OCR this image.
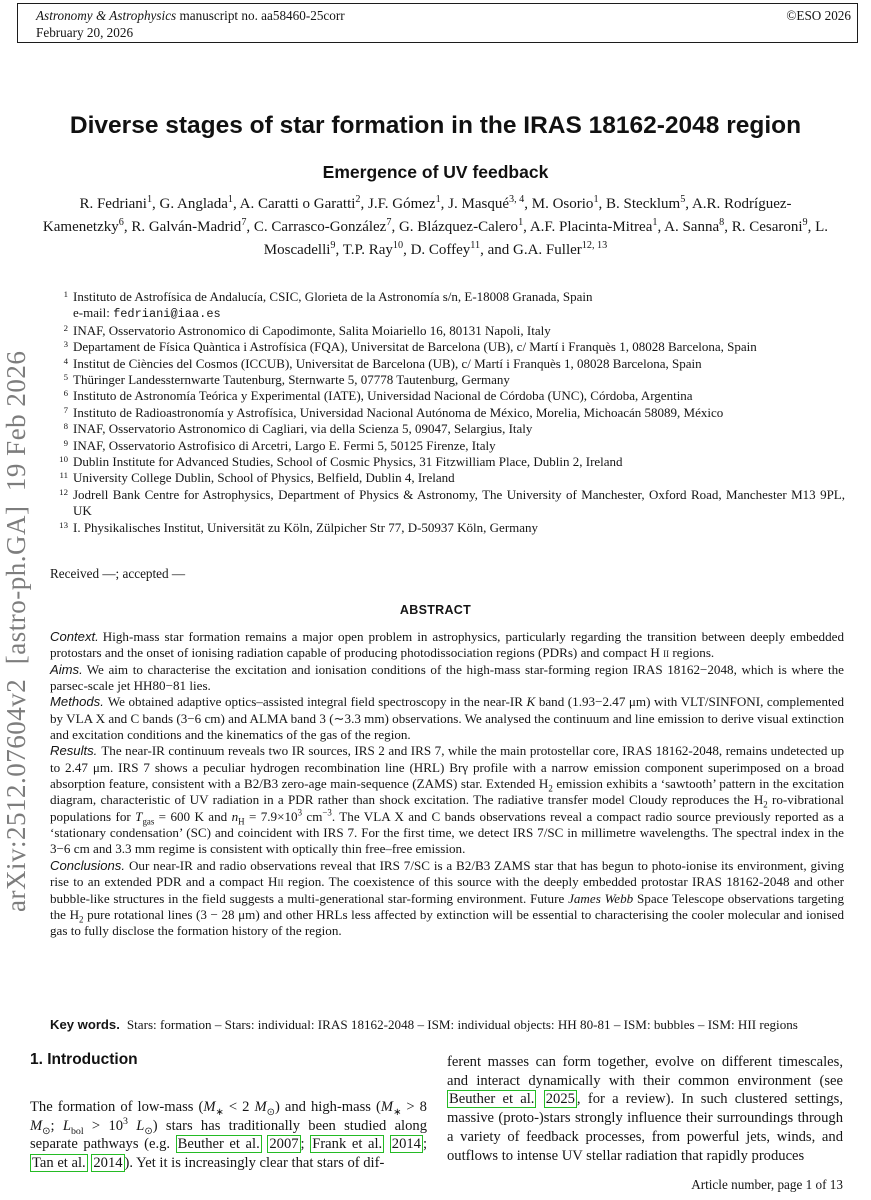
Astronomy & Astrophysics manuscript no. aa58460-25corr
February 20, 2026
©ESO 2026
arXiv:2512.07604v2  [astro-ph.GA]  19 Feb 2026
Diverse stages of star formation in the IRAS 18162-2048 region
Emergence of UV feedback
R. Fedriani$^1$, G. Anglada$^1$, A. Caratti o Garatti$^2$, J.F. Gómez$^1$, J. Masqué$^{3, 4}$, M. Osorio$^1$, B. Stecklum$^5$, A.R. Rodríguez-Kamenetzky$^6$, R. Galván-Madrid$^7$, C. Carrasco-González$^7$, G. Blázquez-Calero$^1$, A.F. Placinta-Mitrea$^1$, A. Sanna$^8$, R. Cesaroni$^9$, L. Moscadelli$^9$, T.P. Ray$^{10}$, D. Coffey$^{11}$, and G.A. Fuller$^{12, 13}$
1 Instituto de Astrofísica de Andalucía, CSIC, Glorieta de la Astronomía s/n, E-18008 Granada, Spain
e-mail: fedriani@iaa.es
2 INAF, Osservatorio Astronomico di Capodimonte, Salita Moiariello 16, 80131 Napoli, Italy
3 Departament de Física Quàntica i Astrofísica (FQA), Universitat de Barcelona (UB), c/ Martí i Franquès 1, 08028 Barcelona, Spain
4 Institut de Ciències del Cosmos (ICCUB), Universitat de Barcelona (UB), c/ Martí i Franquès 1, 08028 Barcelona, Spain
5 Thüringer Landessternwarte Tautenburg, Sternwarte 5, 07778 Tautenburg, Germany
6 Instituto de Astronomía Teórica y Experimental (IATE), Universidad Nacional de Córdoba (UNC), Córdoba, Argentina
7 Instituto de Radioastronomía y Astrofísica, Universidad Nacional Autónoma de México, Morelia, Michoacán 58089, México
8 INAF, Osservatorio Astronomico di Cagliari, via della Scienza 5, 09047, Selargius, Italy
9 INAF, Osservatorio Astrofisico di Arcetri, Largo E. Fermi 5, 50125 Firenze, Italy
10 Dublin Institute for Advanced Studies, School of Cosmic Physics, 31 Fitzwilliam Place, Dublin 2, Ireland
11 University College Dublin, School of Physics, Belfield, Dublin 4, Ireland
12 Jodrell Bank Centre for Astrophysics, Department of Physics & Astronomy, The University of Manchester, Oxford Road, Manchester M13 9PL, UK
13 I. Physikalisches Institut, Universität zu Köln, Zülpicher Str 77, D-50937 Köln, Germany
Received —; accepted —
ABSTRACT

Context. High-mass star formation remains a major open problem in astrophysics, particularly regarding the transition between deeply embedded protostars and the onset of ionising radiation capable of producing photodissociation regions (PDRs) and compact H ii regions.

Aims. We aim to characterise the excitation and ionisation conditions of the high-mass star-forming region IRAS 18162−2048, which is where the parsec-scale jet HH80−81 lies.

Methods. We obtained adaptive optics–assisted integral field spectroscopy in the near-IR K band (1.93−2.47 μm) with VLT/SINFONI, complemented by VLA X and C bands (3−6 cm) and ALMA band 3 (∼3.3 mm) observations. We analysed the continuum and line emission to derive visual extinction and excitation conditions and the kinematics of the gas of the region.

Results. The near-IR continuum reveals two IR sources, IRS 2 and IRS 7, while the main protostellar core, IRAS 18162-2048, remains undetected up to 2.47 μm. IRS 7 shows a peculiar hydrogen recombination line (HRL) Brγ profile with a narrow emission component superimposed on a broad absorption feature, consistent with a B2/B3 zero-age main-sequence (ZAMS) star. Extended $H_2$ emission exhibits a ‘sawtooth’ pattern in the excitation diagram, characteristic of UV radiation in a PDR rather than shock excitation. The radiative transfer model Cloudy reproduces the $H_2$ ro-vibrational populations for $T_{gas} = 600$ K and $n_H = 7.9\times 10^3$ $cm^{-3}$. The VLA X and C bands observations reveal a compact radio source previously reported as a ‘stationary condensation’ (SC) and coincident with IRS 7. For the first time, we detect IRS 7/SC in millimetre wavelengths. The spectral index in the 3−6 cm and 3.3 mm regime is consistent with optically thin free–free emission.

Conclusions. Our near-IR and radio observations reveal that IRS 7/SC is a B2/B3 ZAMS star that has begun to photo-ionise its environment, giving rise to an extended PDR and a compact Hii region. The coexistence of this source with the deeply embedded protostar IRAS 18162-2048 and other bubble-like structures in the field suggests a multi-generational star-forming environment. Future James Webb Space Telescope observations targeting the $H_2$ pure rotational lines (3 − 28 μm) and other HRLs less affected by extinction will be essential to characterising the cooler molecular and ionised gas to fully disclose the formation history of the region.

Key words. Stars: formation – Stars: individual: IRAS 18162-2048 – ISM: individual objects: HH 80-81 – ISM: bubbles – ISM: HII regions
1. Introduction

The formation of low-mass ($M_∗ < 2$ $M_⊙$) and high-mass ($M_∗ > 8$ $M_⊙$; $L_{bol} > 10^3$ $L_⊙$) stars has traditionally been studied along separate pathways (e.g. Beuther et al. 2007 ; Frank et al. 2014 ; Tan et al. 2014 ). Yet it is increasingly clear that stars of dif-

ferent masses can form together, evolve on different timescales, and interact dynamically with their common environment (see Beuther et al. 2025 , for a review). In such clustered settings, massive (proto-)stars strongly influence their surroundings through a variety of feedback processes, from powerful jets, winds, and outflows to intense UV stellar radiation that rapidly produces

Article number, page 1 of 13
